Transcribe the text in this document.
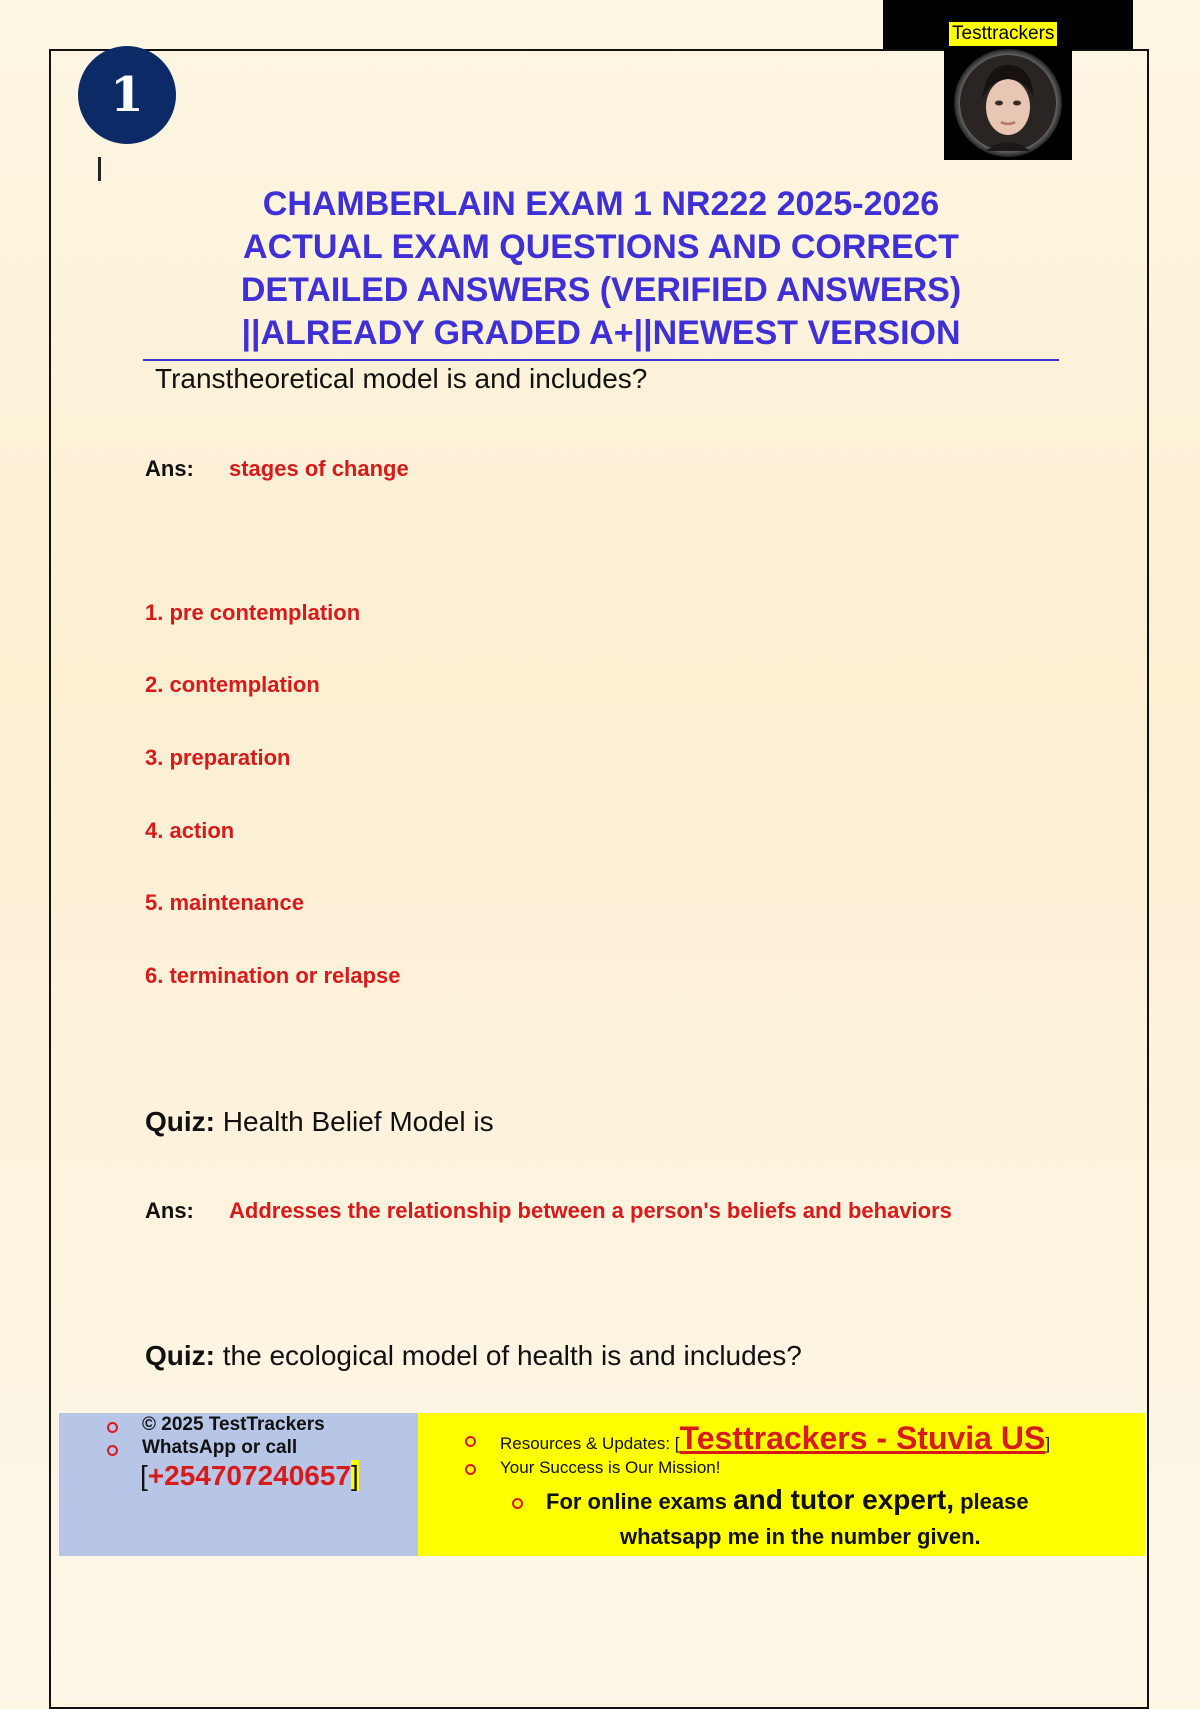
1
Testtrackers
CHAMBERLAIN EXAM 1 NR222 2025-2026
ACTUAL EXAM QUESTIONS AND CORRECT
DETAILED ANSWERS (VERIFIED ANSWERS)
||ALREADY GRADED A+||NEWEST VERSION
Transtheoretical model is and includes?
Ans: stages of change
1. pre contemplation
2. contemplation
3. preparation
4. action
5. maintenance
6. termination or relapse
Quiz: Health Belief Model is
Ans: Addresses the relationship between a person's beliefs and behaviors
Quiz: the ecological model of health is and includes?
© 2025 TestTrackers
WhatsApp or call
[+254707240657]
Resources & Updates: [Testtrackers - Stuvia US]
Your Success is Our Mission!
For online exams and tutor expert, please
whatsapp me in the number given.
